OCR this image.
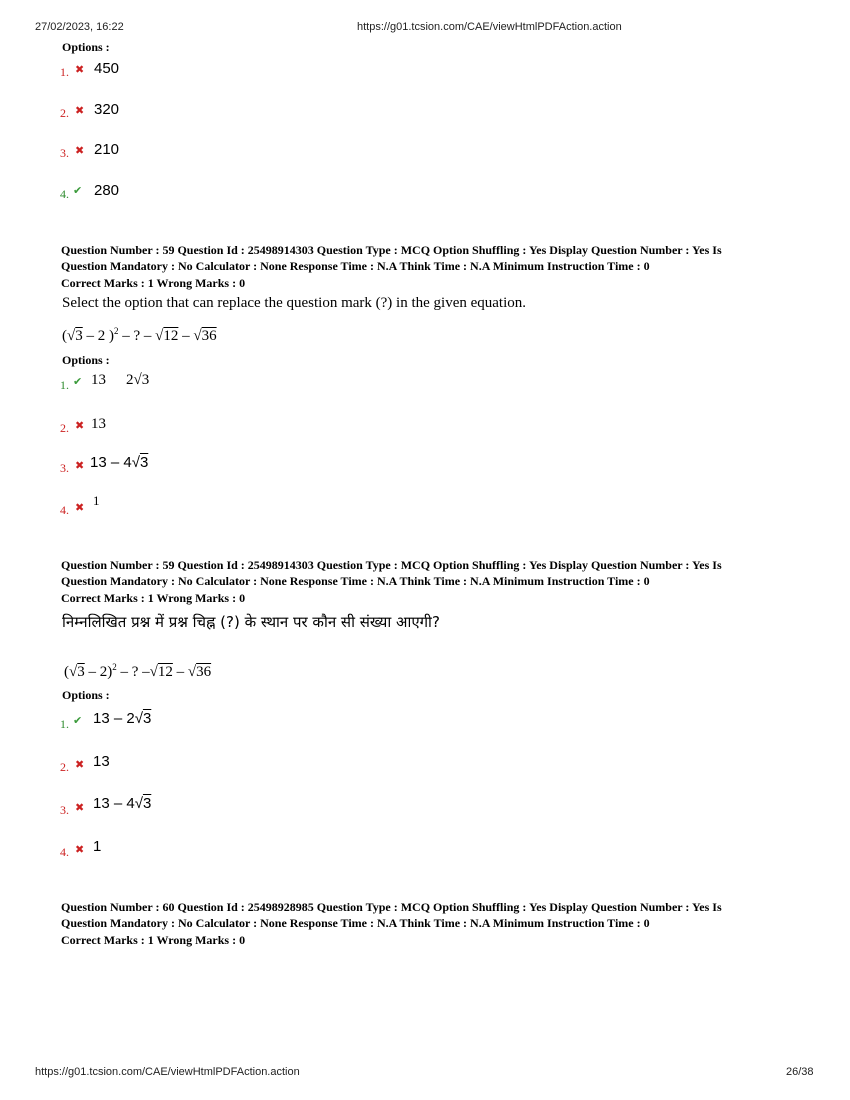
27/02/2023, 16:22	https://g01.tcsion.com/CAE/viewHtmlPDFAction.action
Options :
1. ✖ 450
2. ✖ 320
3. ✖ 210
4. ✔ 280
Question Number : 59 Question Id : 25498914303 Question Type : MCQ Option Shuffling : Yes Display Question Number : Yes Is
Question Mandatory : No Calculator : None Response Time : N.A Think Time : N.A Minimum Instruction Time : 0
Correct Marks : 1 Wrong Marks : 0
Select the option that can replace the question mark (?) in the given equation.
(√3 – 2 )$^2$ – ? – √12 – √36
Options :
1. ✔ 13 2√3
2. ✖ 13
3. ✖ 13 – 4√3
4. ✖ 1
Question Number : 59 Question Id : 25498914303 Question Type : MCQ Option Shuffling : Yes Display Question Number : Yes Is
Question Mandatory : No Calculator : None Response Time : N.A Think Time : N.A Minimum Instruction Time : 0
Correct Marks : 1 Wrong Marks : 0
निम्नलिखित प्रश्न में प्रश्न चिह्न (?) के स्थान पर कौन सी संख्या आएगी?
(√3 – 2)$^2$ – ? –√12 – √36
Options :
1. ✔ 13 – 2√3
2. ✖ 13
3. ✖ 13 – 4√3
4. ✖ 1
Question Number : 60 Question Id : 25498928985 Question Type : MCQ Option Shuffling : Yes Display Question Number : Yes Is
Question Mandatory : No Calculator : None Response Time : N.A Think Time : N.A Minimum Instruction Time : 0
Correct Marks : 1 Wrong Marks : 0
https://g01.tcsion.com/CAE/viewHtmlPDFAction.action	26/38
